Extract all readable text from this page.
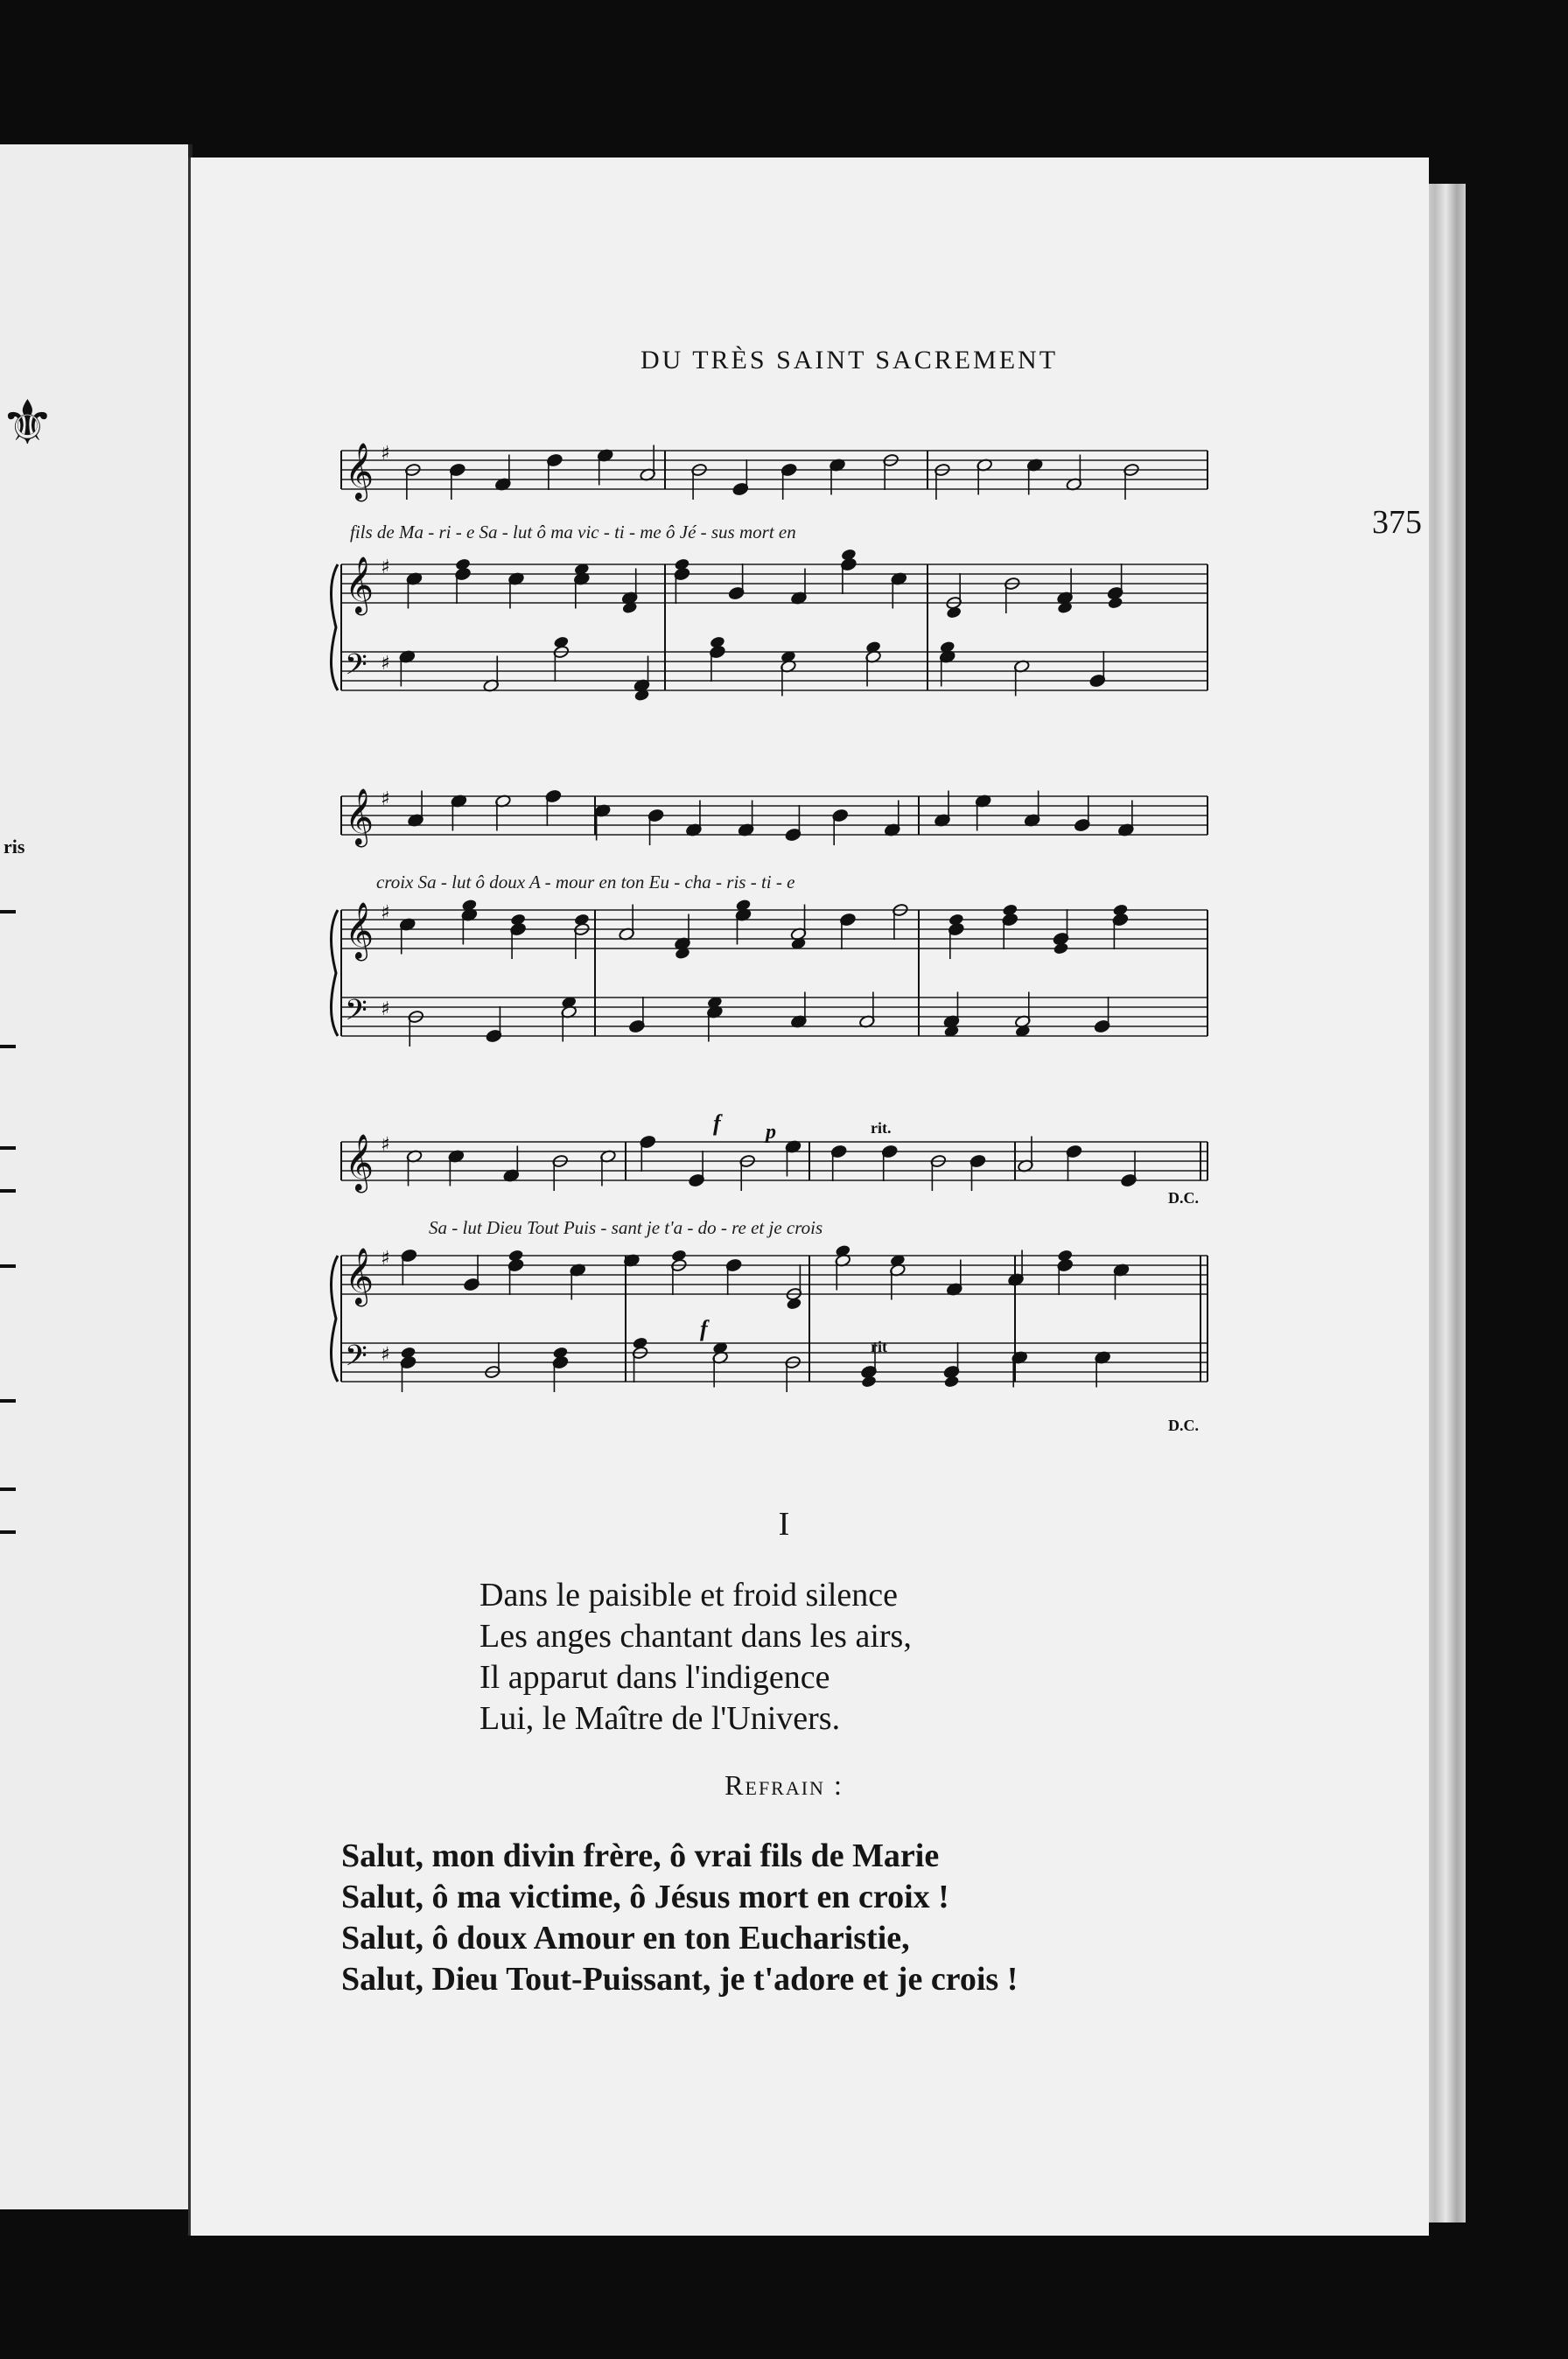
⚜
ris
DU TRÈS SAINT SACREMENT
375
𝄞 ♯
𝄞 ♯
𝄢 ♯
𝄞 ♯
𝄞 ♯
𝄢 ♯
𝄞 ♯
𝄞 ♯
𝄢 ♯
fils de Ma - ri - e Sa - lut ô ma vic - ti - me ô Jé - sus mort en
croix Sa - lut ô doux A - mour en ton Eu - cha - ris - ti - e
Sa - lut Dieu Tout Puis - sant je t'a - do - re et je crois
f
f
p	rit.
rit
D.C.
D.C.
I
Dans le paisible et froid silence
Les anges chantant dans les airs,
Il apparut dans l'indigence
Lui, le Maître de l'Univers.
Refrain :
Salut, mon divin frère, ô vrai fils de Marie
Salut, ô ma victime, ô Jésus mort en croix !
Salut, ô doux Amour en ton Eucharistie,
Salut, Dieu Tout-Puissant, je t'adore et je crois !
